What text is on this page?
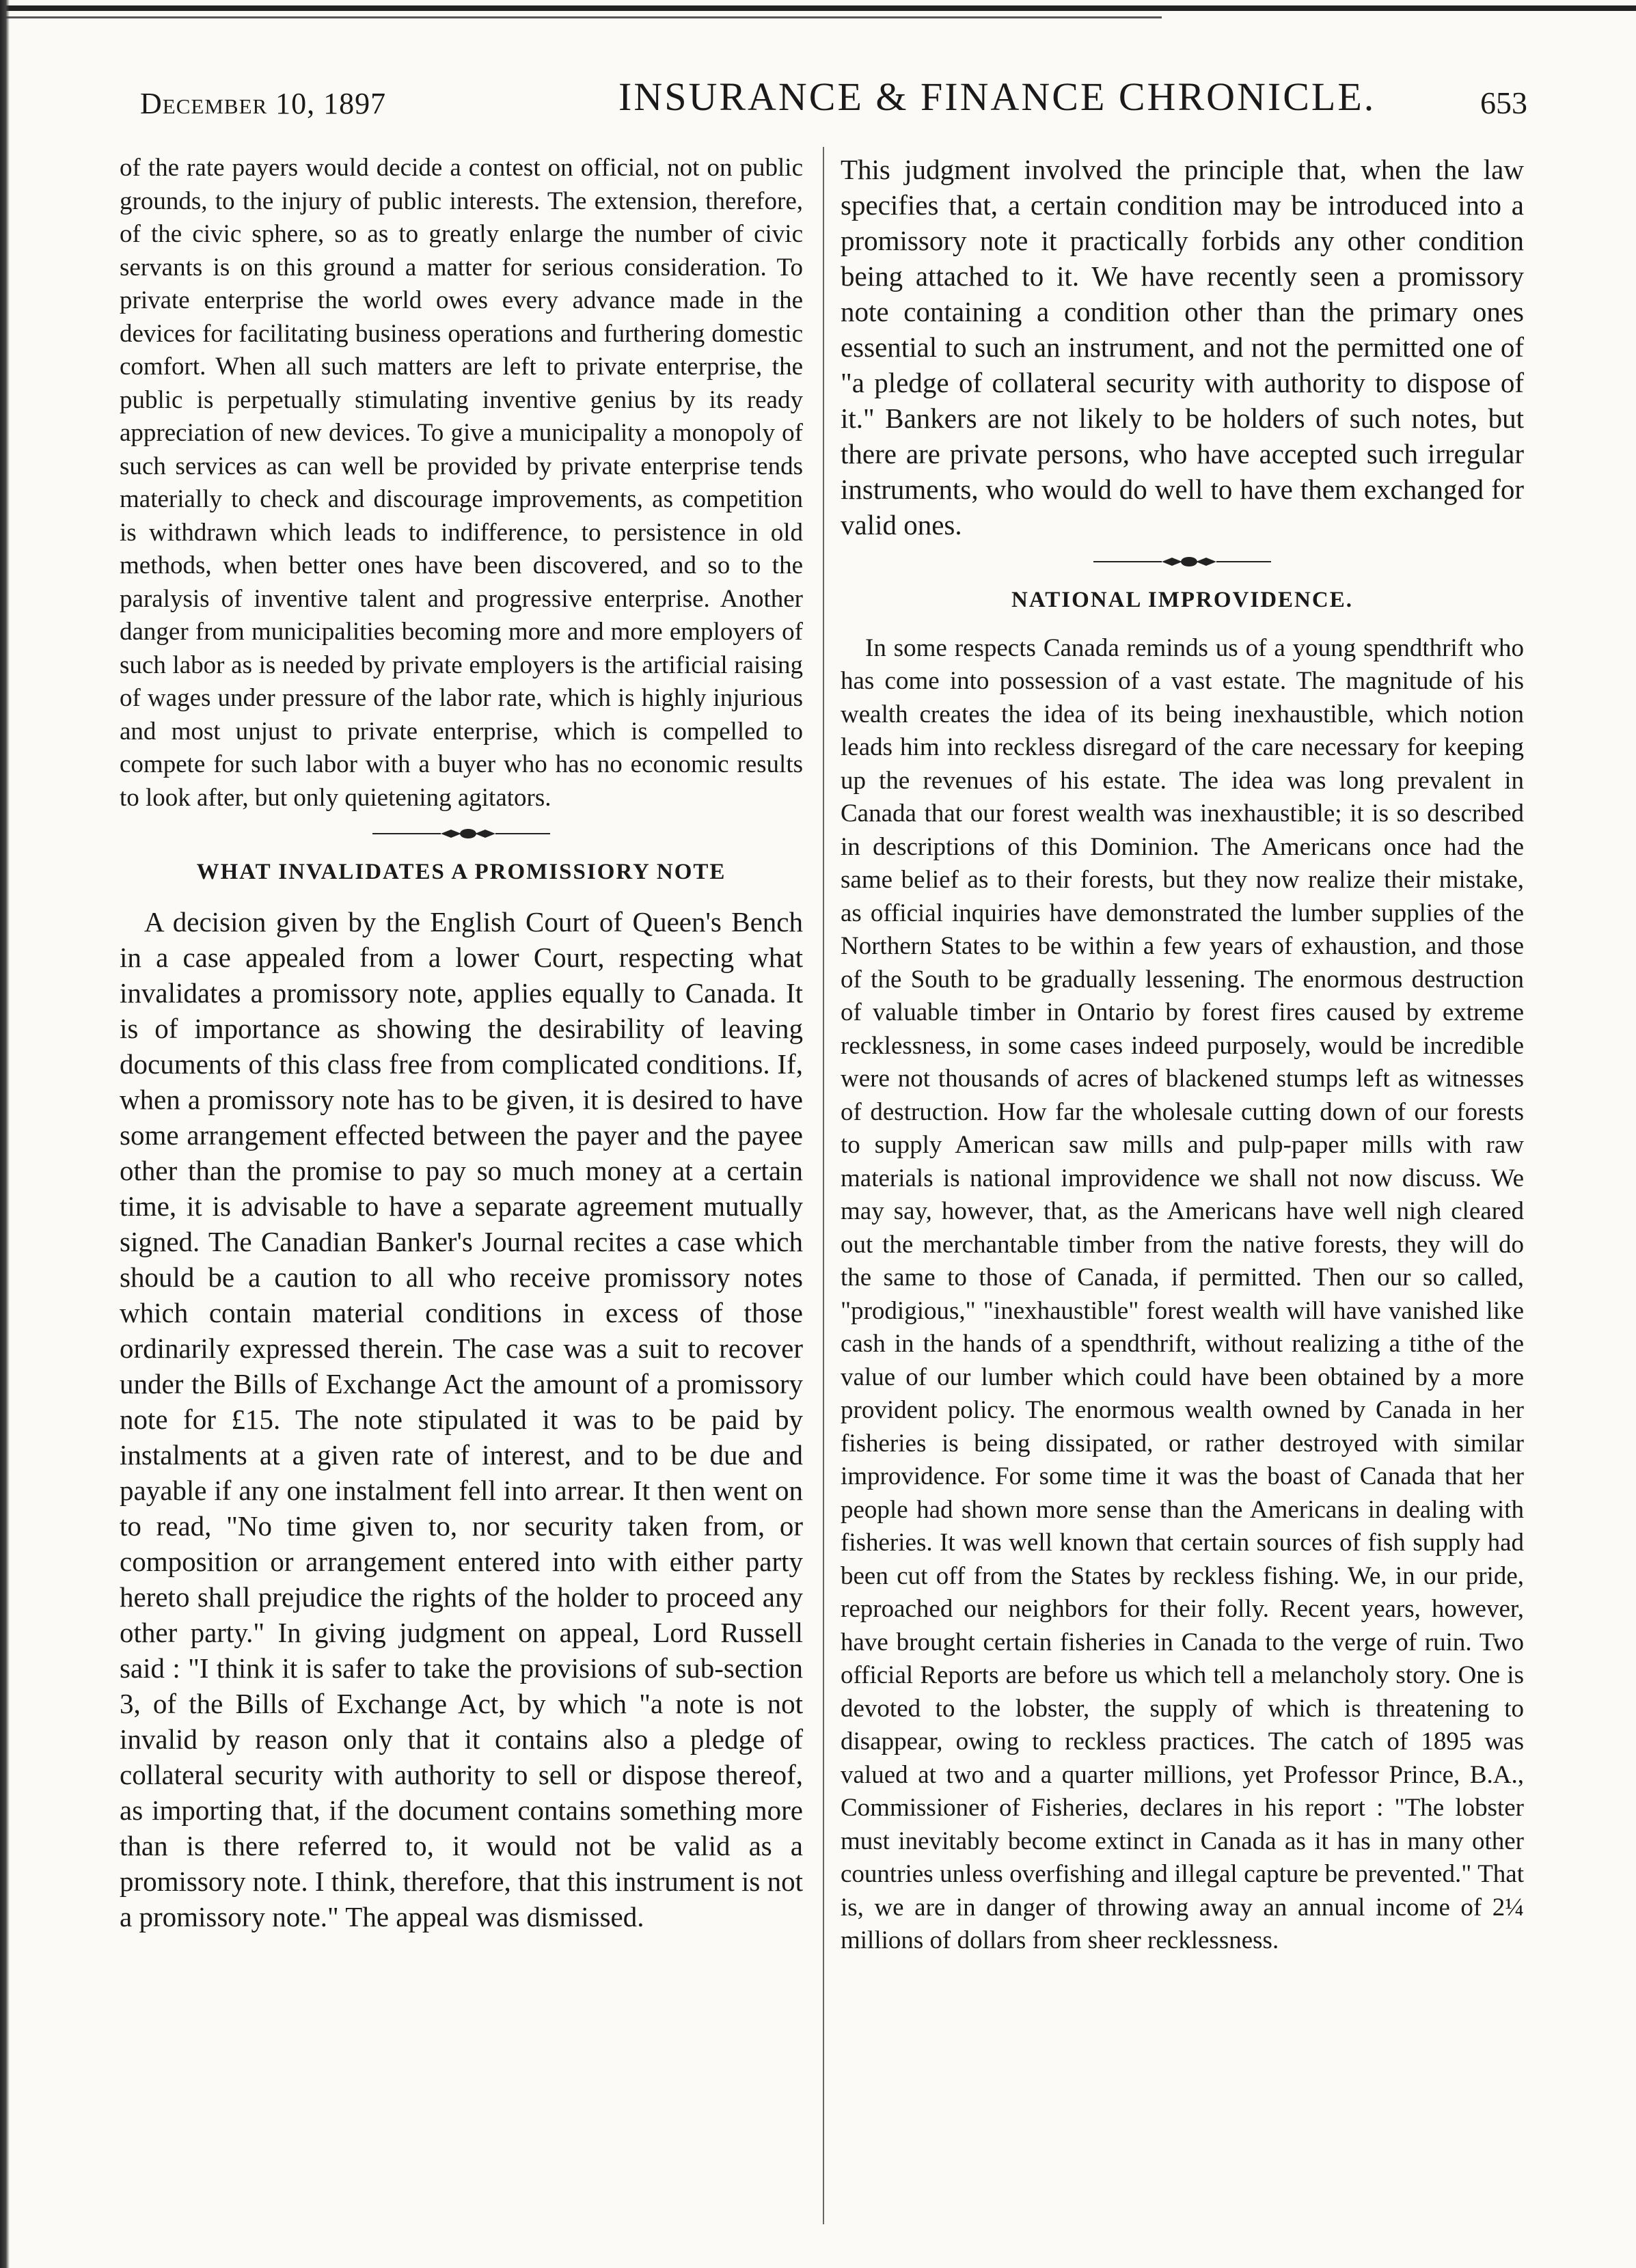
December 10, 1897	INSURANCE & FINANCE CHRONICLE.	653

of the rate payers would decide a contest on official, not on public grounds, to the injury of public interests. The extension, therefore, of the civic sphere, so as to greatly enlarge the number of civic servants is on this ground a matter for serious consideration. To private enterprise the world owes every advance made in the devices for facilitating business operations and furthering domestic comfort. When all such matters are left to private enterprise, the public is perpetually stimulating inventive genius by its ready appreciation of new devices. To give a municipality a monopoly of such services as can well be provided by private enterprise tends materially to check and discourage improvements, as competition is withdrawn which leads to indifference, to persistence in old methods, when better ones have been discovered, and so to the paralysis of inventive talent and progressive enterprise. Another danger from municipalities becoming more and more employers of such labor as is needed by private employers is the artificial raising of wages under pressure of the labor rate, which is highly injurious and most unjust to private enterprise, which is compelled to compete for such labor with a buyer who has no economic results to look after, but only quietening agitators.

WHAT INVALIDATES A PROMISSIORY NOTE

A decision given by the English Court of Queen's Bench in a case appealed from a lower Court, respecting what invalidates a promissory note, applies equally to Canada. It is of importance as showing the desirability of leaving documents of this class free from complicated conditions. If, when a promissory note has to be given, it is desired to have some arrangement effected between the payer and the payee other than the promise to pay so much money at a certain time, it is advisable to have a separate agreement mutually signed. The Canadian Banker's Journal recites a case which should be a caution to all who receive promissory notes which contain material conditions in excess of those ordinarily expressed therein. The case was a suit to recover under the Bills of Exchange Act the amount of a promissory note for £15. The note stipulated it was to be paid by instalments at a given rate of interest, and to be due and payable if any one instalment fell into arrear. It then went on to read, "No time given to, nor security taken from, or composition or arrangement entered into with either party hereto shall prejudice the rights of the holder to proceed any other party." In giving judgment on appeal, Lord Russell said : "I think it is safer to take the provisions of sub-section 3, of the Bills of Exchange Act, by which "a note is not invalid by reason only that it contains also a pledge of collateral security with authority to sell or dispose thereof, as importing that, if the document contains something more than is there referred to, it would not be valid as a promissory note. I think, therefore, that this instrument is not a promissory note." The appeal was dismissed.

This judgment involved the principle that, when the law specifies that, a certain condition may be introduced into a promissory note it practically forbids any other condition being attached to it. We have recently seen a promissory note containing a condition other than the primary ones essential to such an instrument, and not the permitted one of "a pledge of collateral security with authority to dispose of it." Bankers are not likely to be holders of such notes, but there are private persons, who have accepted such irregular instruments, who would do well to have them exchanged for valid ones.

NATIONAL IMPROVIDENCE.

In some respects Canada reminds us of a young spendthrift who has come into possession of a vast estate. The magnitude of his wealth creates the idea of its being inexhaustible, which notion leads him into reckless disregard of the care necessary for keeping up the revenues of his estate. The idea was long prevalent in Canada that our forest wealth was inexhaustible; it is so described in descriptions of this Dominion. The Americans once had the same belief as to their forests, but they now realize their mistake, as official inquiries have demonstrated the lumber supplies of the Northern States to be within a few years of exhaustion, and those of the South to be gradually lessening. The enormous destruction of valuable timber in Ontario by forest fires caused by extreme recklessness, in some cases indeed purposely, would be incredible were not thousands of acres of blackened stumps left as witnesses of destruction. How far the wholesale cutting down of our forests to supply American saw mills and pulp-paper mills with raw materials is national improvidence we shall not now discuss. We may say, however, that, as the Americans have well nigh cleared out the merchantable timber from the native forests, they will do the same to those of Canada, if permitted. Then our so called, "prodigious," "inexhaustible" forest wealth will have vanished like cash in the hands of a spendthrift, without realizing a tithe of the value of our lumber which could have been obtained by a more provident policy. The enormous wealth owned by Canada in her fisheries is being dissipated, or rather destroyed with similar improvidence. For some time it was the boast of Canada that her people had shown more sense than the Americans in dealing with fisheries. It was well known that certain sources of fish supply had been cut off from the States by reckless fishing. We, in our pride, reproached our neighbors for their folly. Recent years, however, have brought certain fisheries in Canada to the verge of ruin. Two official Reports are before us which tell a melancholy story. One is devoted to the lobster, the supply of which is threatening to disappear, owing to reckless practices. The catch of 1895 was valued at two and a quarter millions, yet Professor Prince, B.A., Commissioner of Fisheries, declares in his report : "The lobster must inevitably become extinct in Canada as it has in many other countries unless overfishing and illegal capture be prevented." That is, we are in danger of throwing away an annual income of 2¼ millions of dollars from sheer recklessness.
